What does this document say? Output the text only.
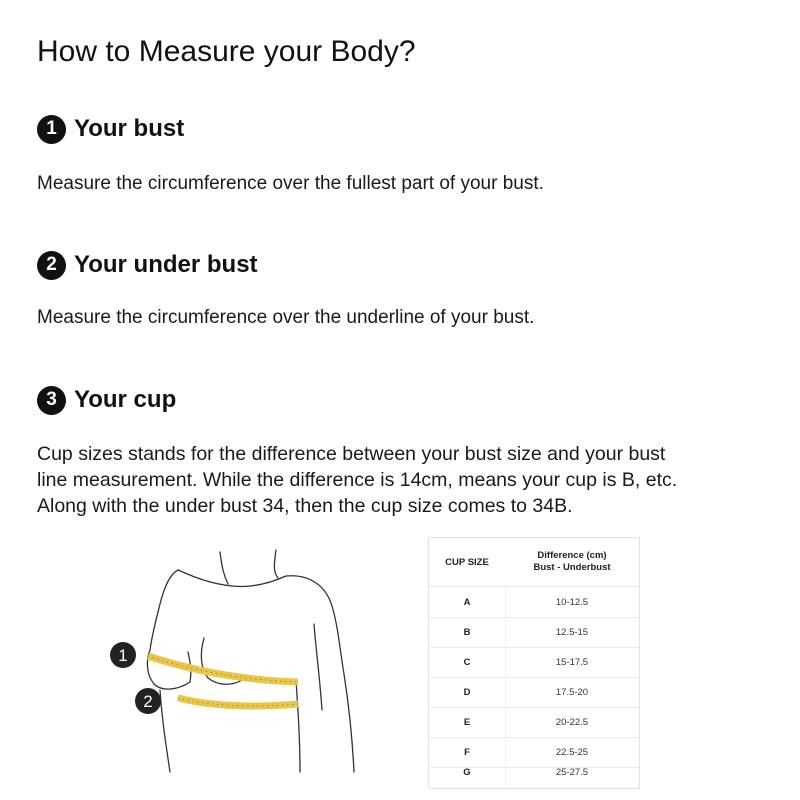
How to Measure your Body?
1 Your bust
Measure the circumference over the fullest part of your bust.
2 Your under bust
Measure the circumference over the underline of your bust.
3 Your cup
Cup sizes stands for the difference between your bust size and your bust
line measurement. While the difference is 14cm, means your cup is B, etc.
Along with the under bust 34, then the cup size comes to 34B.
1
2
CUP SIZE
Difference (cm)
Bust - Underbust
A	10-12.5
B	12.5-15
C	15-17.5
D	17.5-20
E	20-22.5
F	22.5-25
G	25-27.5
